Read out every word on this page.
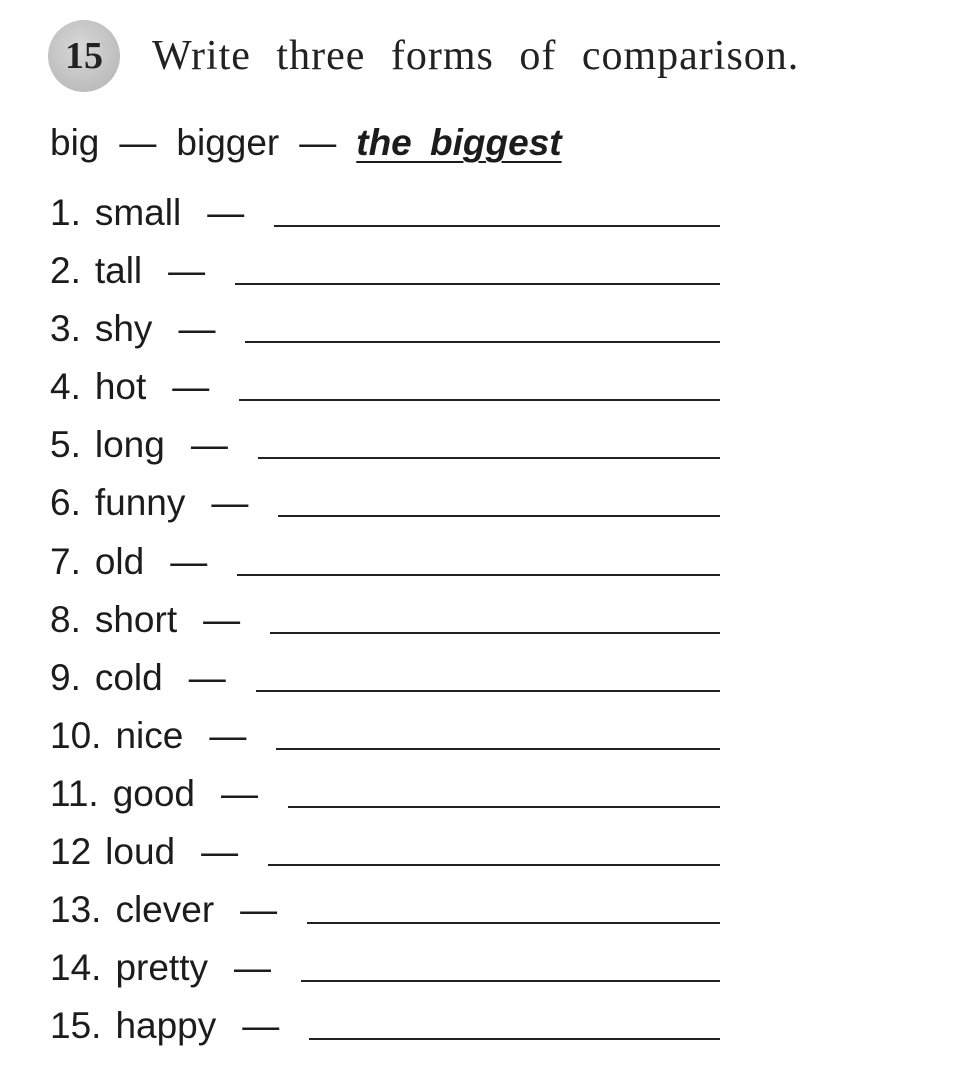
15	Write three forms of comparison.
big — bigger — the biggest
1. small —
2. tall —
3. shy —
4. hot —
5. long —
6. funny —
7. old —
8. short —
9. cold —
10. nice —
11. good —
12 loud —
13. clever —
14. pretty —
15. happy —
